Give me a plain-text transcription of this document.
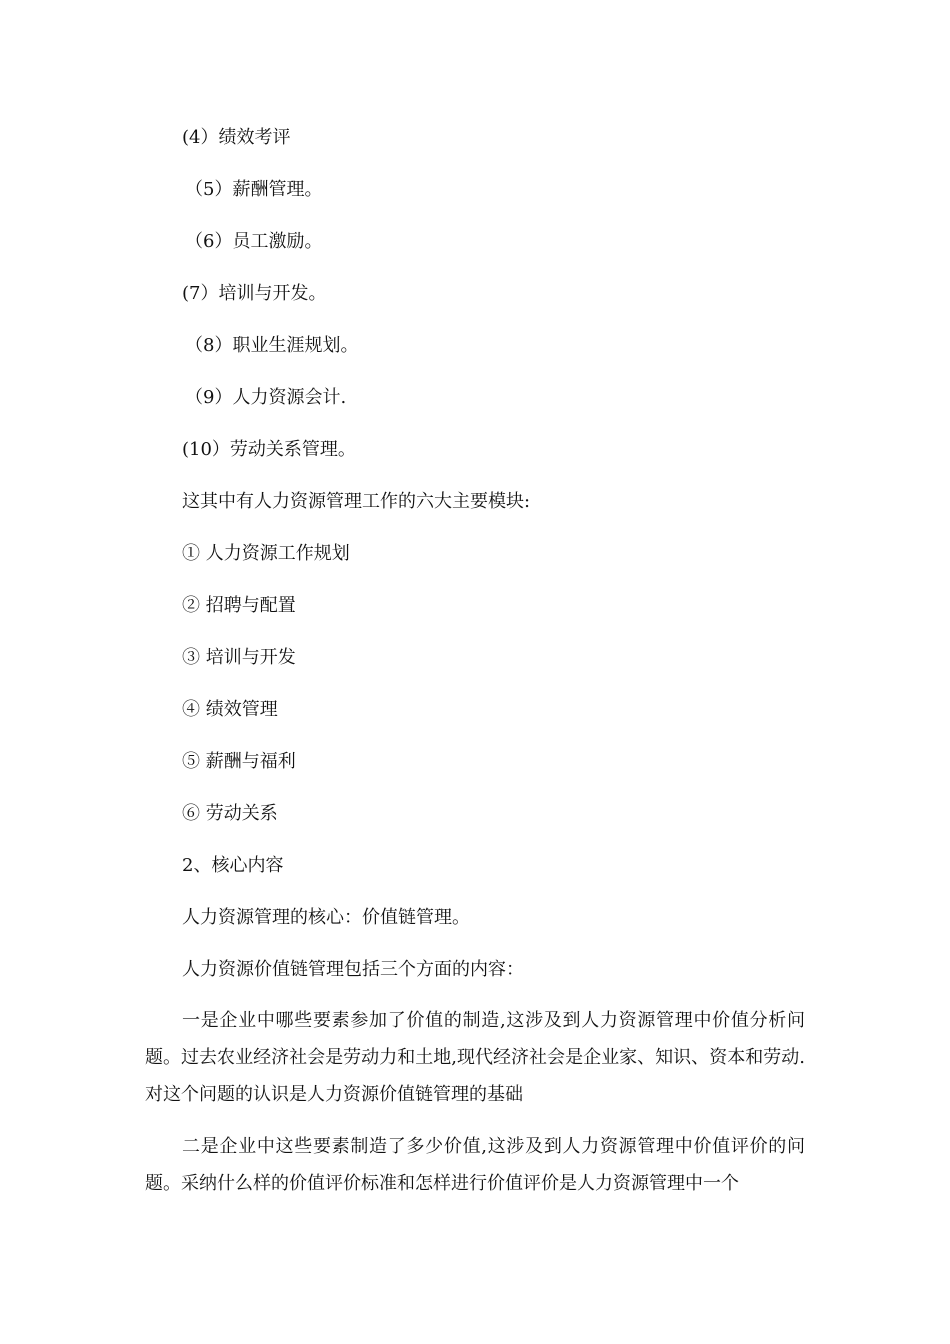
(4）绩效考评
（5）薪酬管理。
（6）员工激励。
(7）培训与开发。
（8）职业生涯规划。
（9）人力资源会计.
(10）劳动关系管理。
这其中有人力资源管理工作的六大主要模块:
① 人力资源工作规划
② 招聘与配置
③ 培训与开发
④ 绩效管理
⑤ 薪酬与福利
⑥ 劳动关系
2、核心内容
人力资源管理的核心：价值链管理。
人力资源价值链管理包括三个方面的内容：
一是企业中哪些要素参加了价值的制造,这涉及到人力资源管理中价值分析问题。过去农业经济社会是劳动力和土地,现代经济社会是企业家、知识、资本和劳动.对这个问题的认识是人力资源价值链管理的基础
二是企业中这些要素制造了多少价值,这涉及到人力资源管理中价值评价的问题。采纳什么样的价值评价标准和怎样进行价值评价是人力资源管理中一个
